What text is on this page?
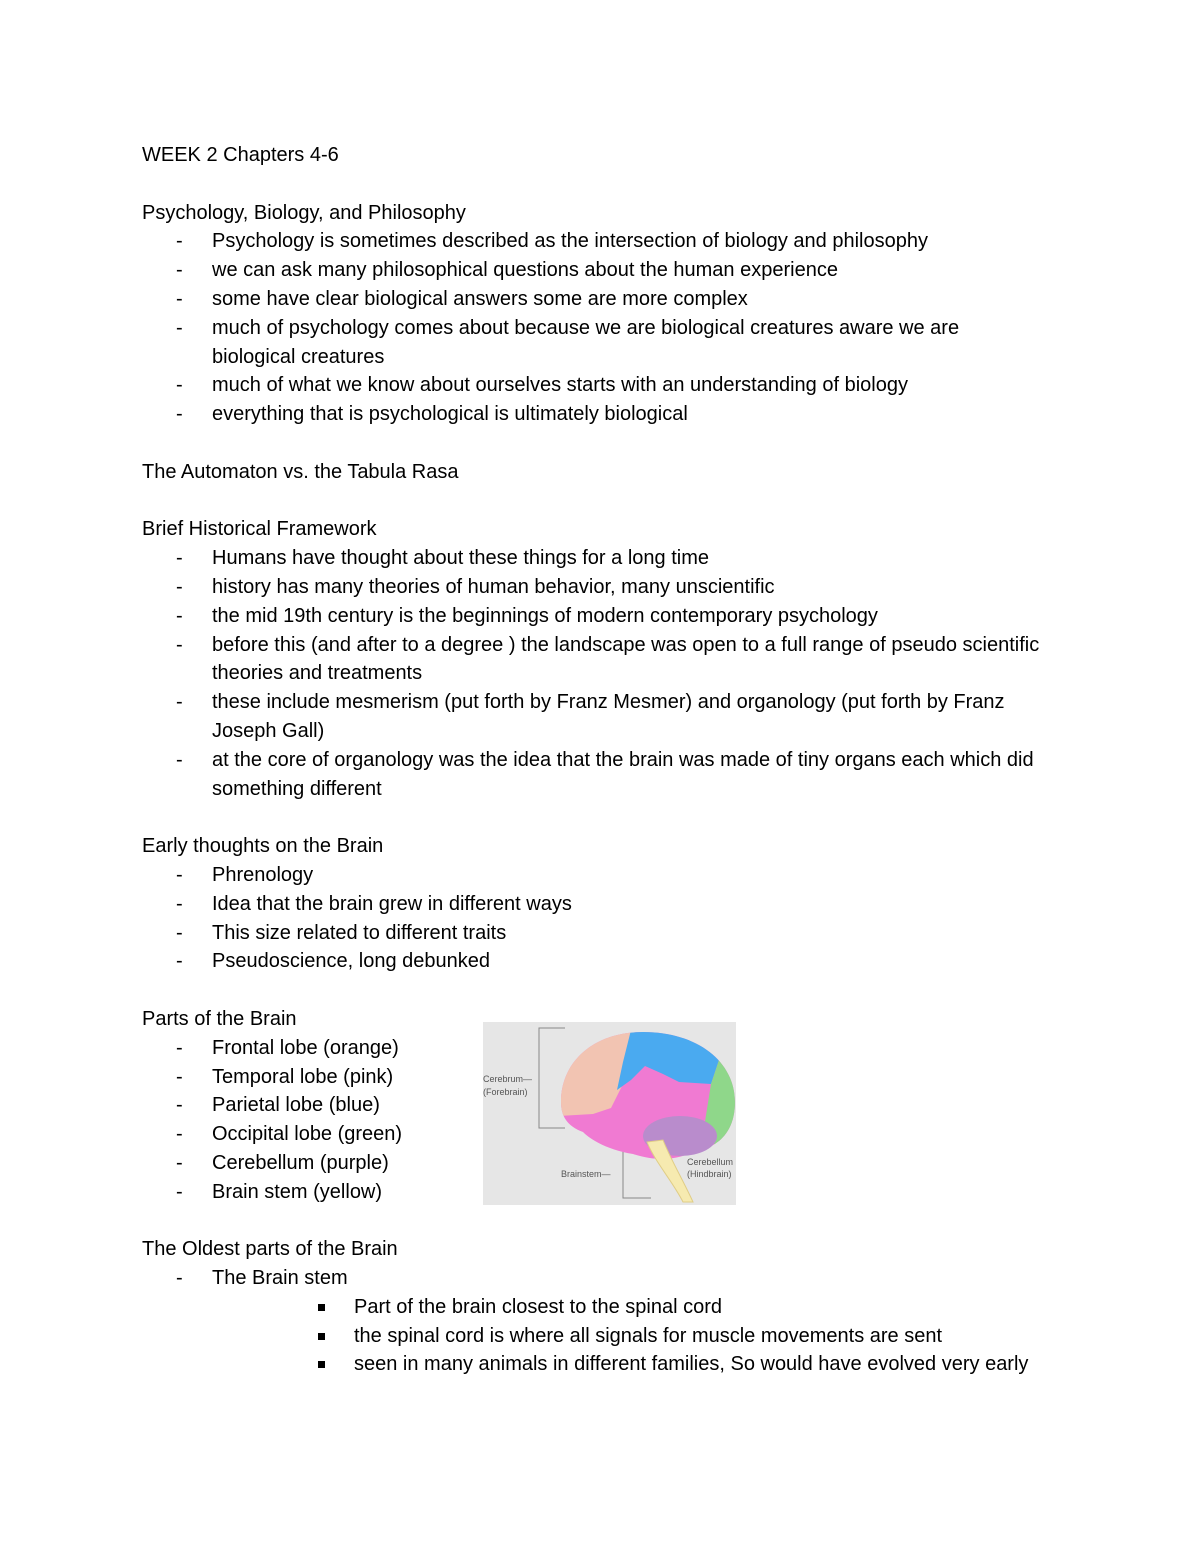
WEEK 2 Chapters 4-6

Psychology, Biology, and Philosophy

- Psychology is sometimes described as the intersection of biology and philosophy
- we can ask many philosophical questions about the human experience
- some have clear biological answers some are more complex
- much of psychology comes about because we are biological creatures aware we are biological creatures
- much of what we know about ourselves starts with an understanding of biology
- everything that is psychological is ultimately biological

The Automaton vs. the Tabula Rasa

Brief Historical Framework

- Humans have thought about these things for a long time
- history has many theories of human behavior, many unscientific
- the mid 19th century is the beginnings of modern contemporary psychology
- before this (and after to a degree ) the landscape was open to a full range of pseudo scientific theories and treatments
- these include mesmerism (put forth by Franz Mesmer) and organology (put forth by Franz Joseph Gall)
- at the core of organology was the idea that the brain was made of tiny organs each which did something different

Early thoughts on the Brain

- Phrenology
- Idea that the brain grew in different ways
- This size related to different traits
- Pseudoscience, long debunked

Parts of the Brain

- Frontal lobe (orange)
- Temporal lobe (pink)
- Parietal lobe (blue)
- Occipital lobe (green)
- Cerebellum (purple)
- Brain stem (yellow)

The Oldest parts of the Brain

- The Brain stem
Part of the brain closest to the spinal cord
the spinal cord is where all signals for muscle movements are sent
seen in many animals in different families, So would have evolved very early
Cerebrum—
(Forebrain)
Brainstem—
Cerebellum
(Hindbrain)
